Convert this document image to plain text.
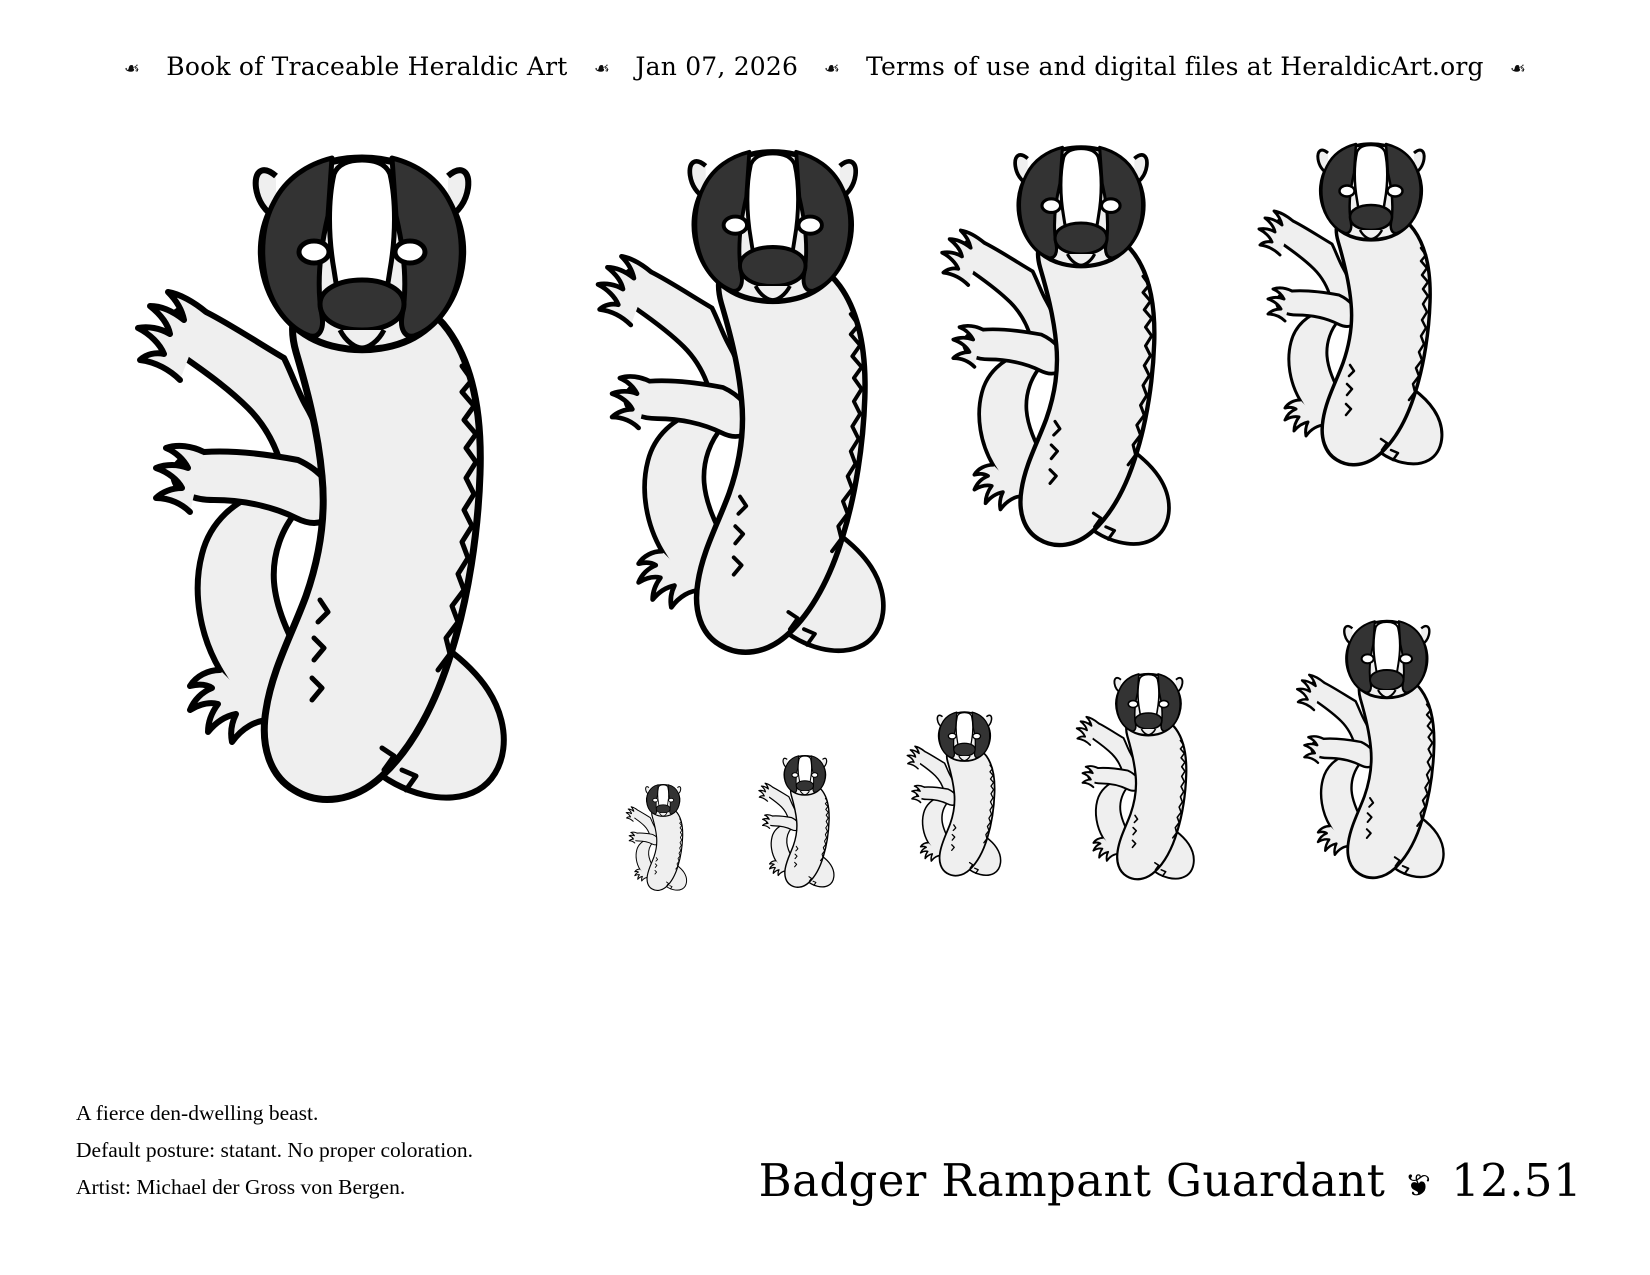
❧ Book of Traceable Heraldic Art ❧ Jan 07, 2026 ❧ Terms of use and digital files at HeraldicArt.org ❧
A fierce den-dwelling beast.
Default posture: statant. No proper coloration.
Artist: Michael der Gross von Bergen.	Badger Rampant Guardant ❦ 12.51
